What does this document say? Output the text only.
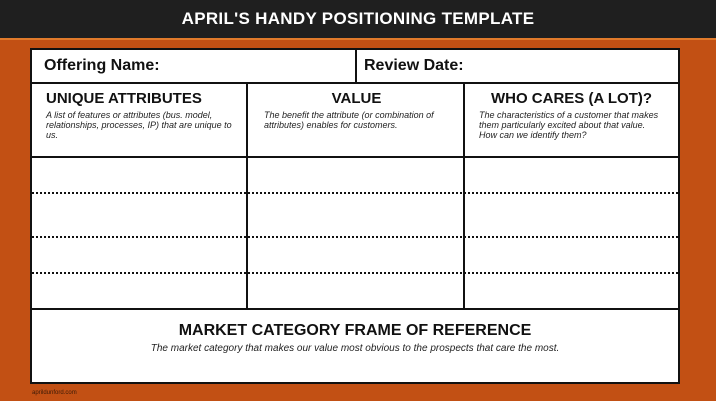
APRIL'S HANDY POSITIONING TEMPLATE
Offering Name:	Review Date:
UNIQUE ATTRIBUTES
A list of features or attributes (bus. model, relationships, processes, IP) that are unique to us.
VALUE
The benefit the attribute (or combination of attributes) enables for customers.
WHO CARES (A LOT)?
The characteristics of a customer that makes them particularly excited about that value. How can we identify them?
MARKET CATEGORY FRAME OF REFERENCE
The market category that makes our value most obvious to the prospects that care the most.
aprildunford.com
